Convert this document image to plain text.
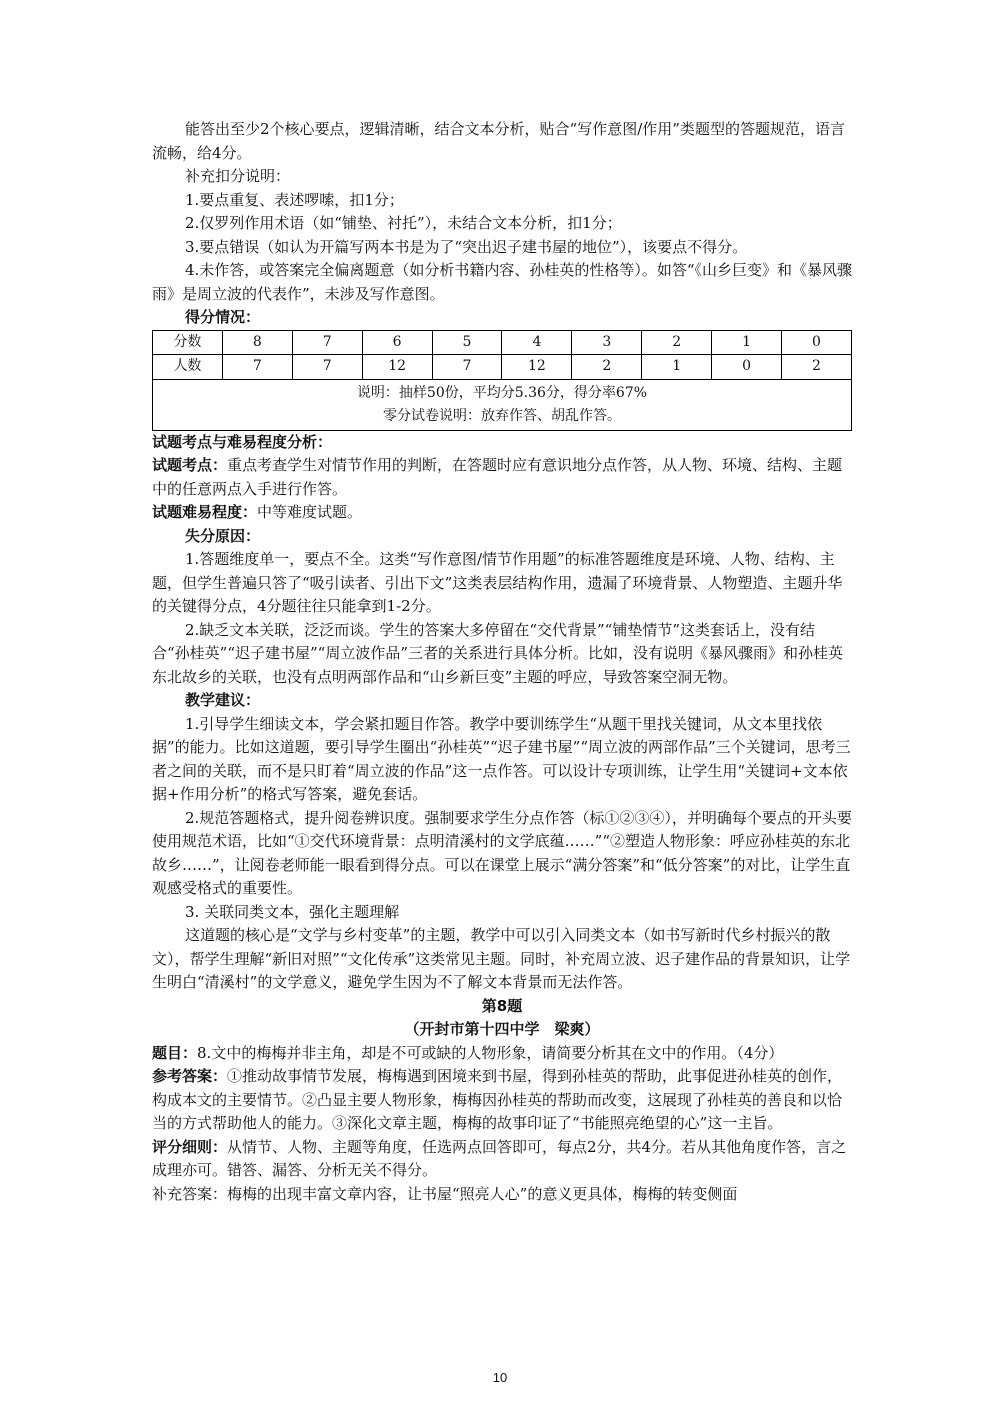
能答出至少2个核心要点，逻辑清晰，结合文本分析，贴合“写作意图/作用”类题型的答题规范，语言流畅，给4分。

补充扣分说明：

1.要点重复、表述啰嗦，扣1分；

2.仅罗列作用术语（如“铺垫、衬托”），未结合文本分析，扣1分；

3.要点错误（如认为开篇写两本书是为了“突出迟子建书屋的地位”），该要点不得分。

4.未作答，或答案完全偏离题意（如分析书籍内容、孙桂英的性格等）。如答“《山乡巨变》和《暴风骤雨》是周立波的代表作”，未涉及写作意图。

得分情况：

分数	8	7	6	5	4	3	2	1	0
人数	7	7	12	7	12	2	1	0	2

说明：抽样50份，平均分5.36分，得分率67%
零分试卷说明：放弃作答、胡乱作答。									

试题考点与难易程度分析：

试题考点：重点考查学生对情节作用的判断，在答题时应有意识地分点作答，从人物、环境、结构、主题中的任意两点入手进行作答。

试题难易程度：中等难度试题。

失分原因：

1.答题维度单一，要点不全。这类“写作意图/情节作用题”的标准答题维度是环境、人物、结构、主题，但学生普遍只答了“吸引读者、引出下文”这类表层结构作用，遗漏了环境背景、人物塑造、主题升华的关键得分点，4分题往往只能拿到1-2分。

2.缺乏文本关联，泛泛而谈。学生的答案大多停留在“交代背景”“铺垫情节”这类套话上，没有结合“孙桂英”“迟子建书屋”“周立波作品”三者的关系进行具体分析。比如，没有说明《暴风骤雨》和孙桂英东北故乡的关联，也没有点明两部作品和“山乡新巨变”主题的呼应，导致答案空洞无物。

教学建议：

1.引导学生细读文本，学会紧扣题目作答。教学中要训练学生“从题干里找关键词，从文本里找依据”的能力。比如这道题，要引导学生圈出“孙桂英”“迟子建书屋”“周立波的两部作品”三个关键词，思考三者之间的关联，而不是只盯着“周立波的作品”这一点作答。可以设计专项训练，让学生用“关键词+文本依据+作用分析”的格式写答案，避免套话。

2.规范答题格式，提升阅卷辨识度。强制要求学生分点作答（标①②③④），并明确每个要点的开头要使用规范术语，比如“①交代环境背景：点明清溪村的文学底蕴……”“②塑造人物形象：呼应孙桂英的东北故乡……”，让阅卷老师能一眼看到得分点。可以在课堂上展示“满分答案”和“低分答案”的对比，让学生直观感受格式的重要性。

3. 关联同类文本，强化主题理解

这道题的核心是“文学与乡村变革”的主题，教学中可以引入同类文本（如书写新时代乡村振兴的散文），帮学生理解“新旧对照”“文化传承”这类常见主题。同时，补充周立波、迟子建作品的背景知识，让学生明白“清溪村”的文学意义，避免学生因为不了解文本背景而无法作答。

第8题

（开封市第十四中学　梁爽）

题目：8.文中的梅梅并非主角，却是不可或缺的人物形象，请简要分析其在文中的作用。（4分）

参考答案：①推动故事情节发展，梅梅遇到困境来到书屋，得到孙桂英的帮助，此事促进孙桂英的创作，构成本文的主要情节。②凸显主要人物形象，梅梅因孙桂英的帮助而改变，这展现了孙桂英的善良和以恰当的方式帮助他人的能力。③深化文章主题，梅梅的故事印证了“书能照亮绝望的心”这一主旨。

评分细则：从情节、人物、主题等角度，任选两点回答即可，每点2分，共4分。若从其他角度作答，言之成理亦可。错答、漏答、分析无关不得分。

补充答案：梅梅的出现丰富文章内容，让书屋“照亮人心”的意义更具体，梅梅的转变侧面

10
